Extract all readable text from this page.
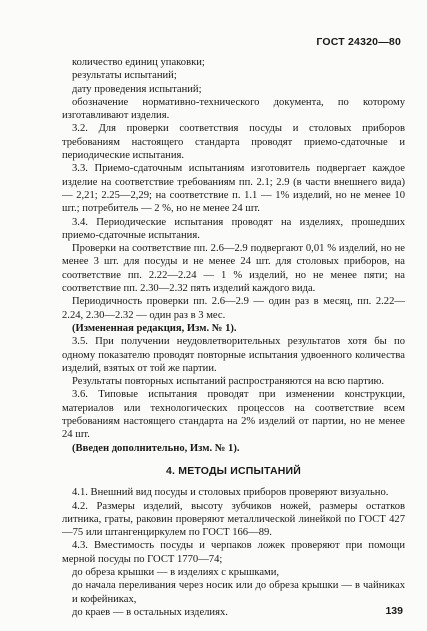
ГОСТ 24320—80

количество единиц упаковки;

результаты испытаний;

дату проведения испытаний;

обозначение нормативно-технического документа, по которому изготавливают изделия.

3.2. Для проверки соответствия посуды и столовых приборов требованиям настоящего стандарта проводят приемо-сдаточные и периодические испытания.

3.3. Приемо-сдаточным испытаниям изготовитель подвергает каждое изделие на соответствие требованиям пп. 2.1; 2.9 (в части внешнего вида) — 2,21; 2.25—2,29; на соответствие п. 1.1 — 1% изделий, но не менее 10 шт.; потребитель — 2 %, но не менее 24 шт.

3.4. Периодические испытания проводят на изделиях, прошедших приемо-сдаточные испытания.

Проверки на соответствие пп. 2.6—2.9 подвергают 0,01 % изделий, но не менее 3 шт. для посуды и не менее 24 шт. для столовых приборов, на соответствие пп. 2.22—2.24 — 1 % изделий, но не менее пяти; на соответствие пп. 2.30—2.32 пять изделий каждого вида.

Периодичность проверки пп. 2.6—2.9 — один раз в месяц, пп. 2.22—2.24, 2.30—2.32 — один раз в 3 мес.

(Измененная редакция, Изм. № 1).

3.5. При получении неудовлетворительных результатов хотя бы по одному показателю проводят повторные испытания удвоенного количества изделий, взятых от той же партии.

Результаты повторных испытаний распространяются на всю партию.

3.6. Типовые испытания проводят при изменении конструкции, материалов или технологических процессов на соответствие всем требованиям настоящего стандарта на 2% изделий от партии, но не менее 24 шт.

(Введен дополнительно, Изм. № 1).

4. МЕТОДЫ ИСПЫТАНИЙ

4.1. Внешний вид посуды и столовых приборов проверяют визуально.

4.2. Размеры изделий, высоту зубчиков ножей, размеры остатков литника, граты, раковин проверяют металлической линейкой по ГОСТ 427—75 или штангенциркулем по ГОСТ 166—89.

4.3. Вместимость посуды и черпаков ложек проверяют при помощи мерной посуды по ГОСТ 1770—74;

до обреза крышки — в изделиях с крышками,

до начала переливания через носик или до обреза крышки — в чайниках и кофейниках,

до краев — в остальных изделиях.	139
